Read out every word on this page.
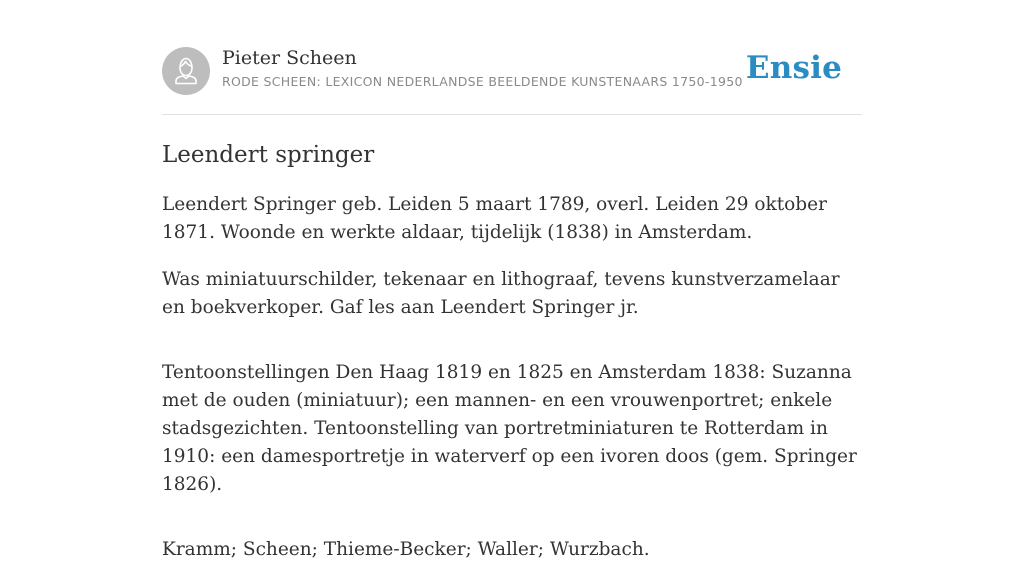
Pieter Scheen
RODE SCHEEN: LEXICON NEDERLANDSE BEELDENDE KUNSTENAARS 1750-1950 Ensie
Leendert springer

Leendert Springer geb. Leiden 5 maart 1789, overl. Leiden 29 oktober 1871. Woonde en werkte aldaar, tijdelijk (1838) in Amsterdam.

Was miniatuurschilder, tekenaar en lithograaf, tevens kunstverzamelaar en boekverkoper. Gaf les aan Leendert Springer jr.

Tentoonstellingen Den Haag 1819 en 1825 en Amsterdam 1838: Suzanna met de ouden (miniatuur); een mannen- en een vrouwenportret; enkele stadsgezichten. Tentoonstelling van portretminiaturen te Rotterdam in 1910: een damesportretje in waterverf op een ivoren doos (gem. Springer 1826).

Kramm; Scheen; Thieme-Becker; Waller; Wurzbach.
